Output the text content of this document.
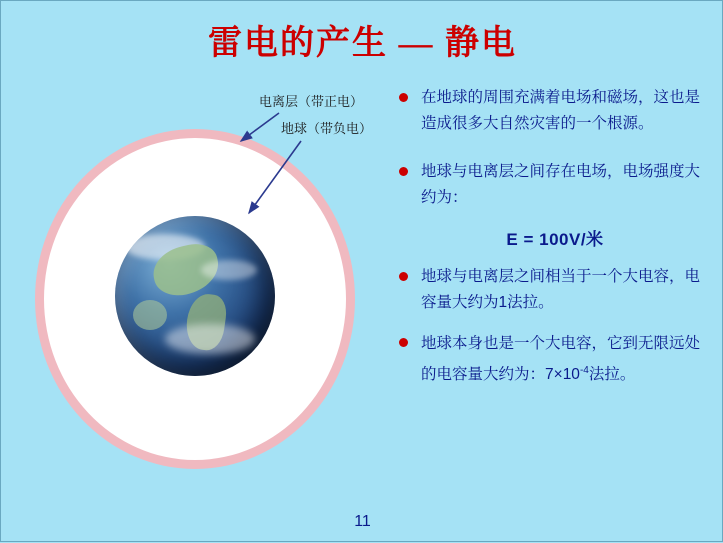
雷电的产生 — 静电
电离层（带正电）
地球（带负电）
在地球的周围充满着电场和磁场，这也是造成很多大自然灾害的一个根源。
地球与电离层之间存在电场，电场强度大约为：
E = 100V/米
地球与电离层之间相当于一个大电容，电容量大约为1法拉。
地球本身也是一个大电容，它到无限远处的电容量大约为：$7\times 10^{-4}$法拉。
11
